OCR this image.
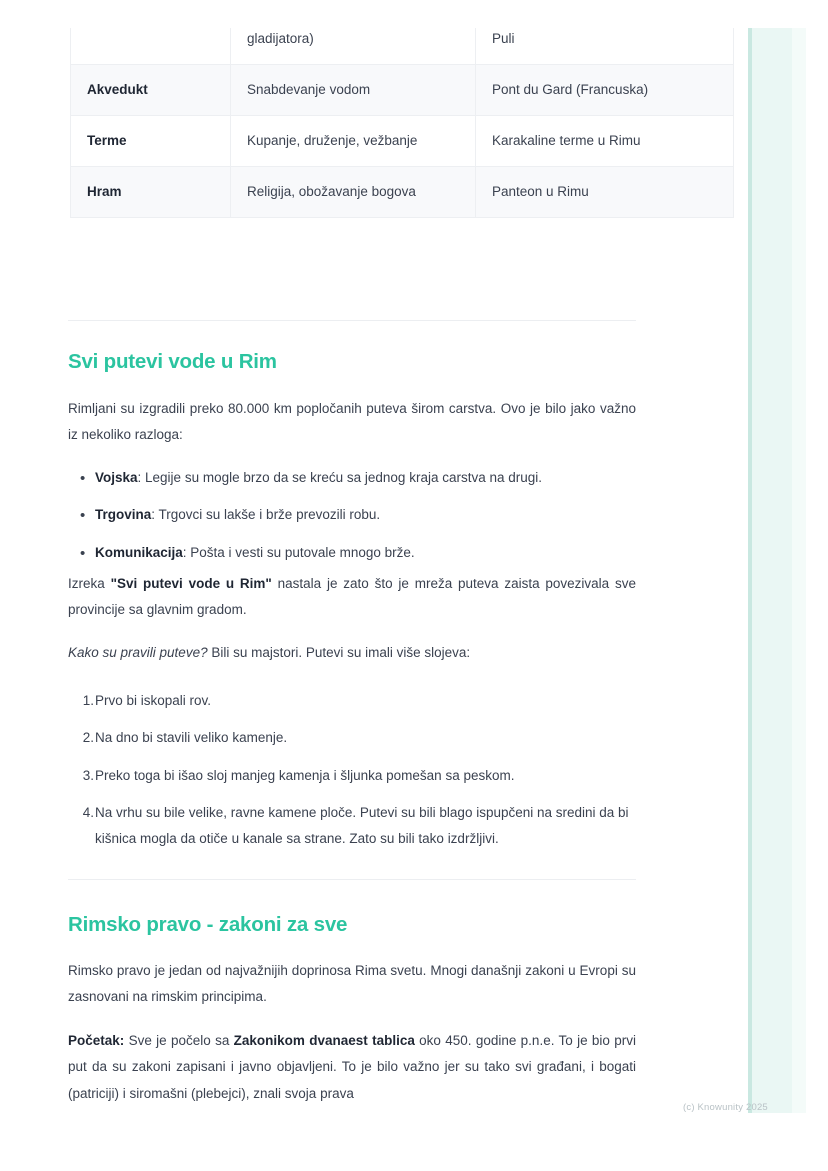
	gladijatora)	Puli
Akvedukt	Snabdevanje vodom	Pont du Gard (Francuska)
Terme	Kupanje, druženje, vežbanje	Karakaline terme u Rimu
Hram	Religija, obožavanje bogova	Panteon u Rimu
Svi putevi vode u Rim

Rimljani su izgradili preko 80.000 km popločanih puteva širom carstva. Ovo je bilo jako važno iz nekoliko razloga:

• Vojska: Legije su mogle brzo da se kreću sa jednog kraja carstva na drugi.
• Trgovina: Trgovci su lakše i brže prevozili robu.
• Komunikacija: Pošta i vesti su putovale mnogo brže.

Izreka "Svi putevi vode u Rim" nastala je zato što je mreža puteva zaista povezivala sve provincije sa glavnim gradom.

Kako su pravili puteve? Bili su majstori. Putevi su imali više slojeva:

1. Prvo bi iskopali rov.
2. Na dno bi stavili veliko kamenje.
3. Preko toga bi išao sloj manjeg kamenja i šljunka pomešan sa peskom.
4. Na vrhu su bile velike, ravne kamene ploče. Putevi su bili blago ispupčeni na sredini da bi kišnica mogla da otiče u kanale sa strane. Zato su bili tako izdržljivi.
Rimsko pravo - zakoni za sve

Rimsko pravo je jedan od najvažnijih doprinosa Rima svetu. Mnogi današnji zakoni u Evropi su zasnovani na rimskim principima.

Početak: Sve je počelo sa Zakonikom dvanaest tablica oko 450. godine p.n.e. To je bio prvi put da su zakoni zapisani i javno objavljeni. To je bilo važno jer su tako svi građani, i bogati (patriciji) i siromašni (plebejci), znali svoja prava

(c) Knowunity 2025
